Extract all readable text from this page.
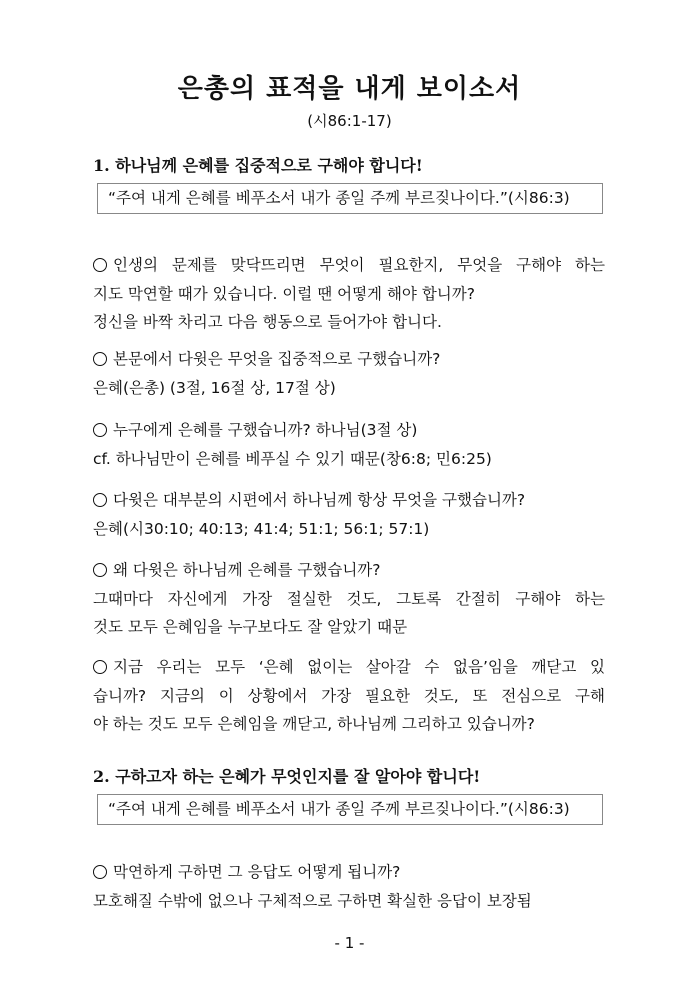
은총의 표적을 내게 보이소서
(시86:1-17)
1. 하나님께 은혜를 집중적으로 구해야 합니다!
“주여 내게 은혜를 베푸소서 내가 종일 주께 부르짖나이다.”(시86:3)
인생의 문제를 맞닥뜨리면 무엇이 필요한지, 무엇을 구해야 하는
지도 막연할 때가 있습니다. 이럴 땐 어떻게 해야 합니까?
정신을 바짝 차리고 다음 행동으로 들어가야 합니다.
본문에서 다윗은 무엇을 집중적으로 구했습니까?
은혜(은총) (3절, 16절 상, 17절 상)
누구에게 은혜를 구했습니까? 하나님(3절 상)
cf. 하나님만이 은혜를 베푸실 수 있기 때문(창6:8; 민6:25)
다윗은 대부분의 시편에서 하나님께 항상 무엇을 구했습니까?
은혜(시30:10; 40:13; 41:4; 51:1; 56:1; 57:1)
왜 다윗은 하나님께 은혜를 구했습니까?
그때마다 자신에게 가장 절실한 것도, 그토록 간절히 구해야 하는
것도 모두 은혜임을 누구보다도 잘 알았기 때문
지금 우리는 모두 ‘은혜 없이는 살아갈 수 없음’임을 깨닫고 있
습니까? 지금의 이 상황에서 가장 필요한 것도, 또 전심으로 구해
야 하는 것도 모두 은혜임을 깨닫고, 하나님께 그리하고 있습니까?
2. 구하고자 하는 은혜가 무엇인지를 잘 알아야 합니다!
“주여 내게 은혜를 베푸소서 내가 종일 주께 부르짖나이다.”(시86:3)
막연하게 구하면 그 응답도 어떻게 됩니까?
모호해질 수밖에 없으나 구체적으로 구하면 확실한 응답이 보장됨
- 1 -
